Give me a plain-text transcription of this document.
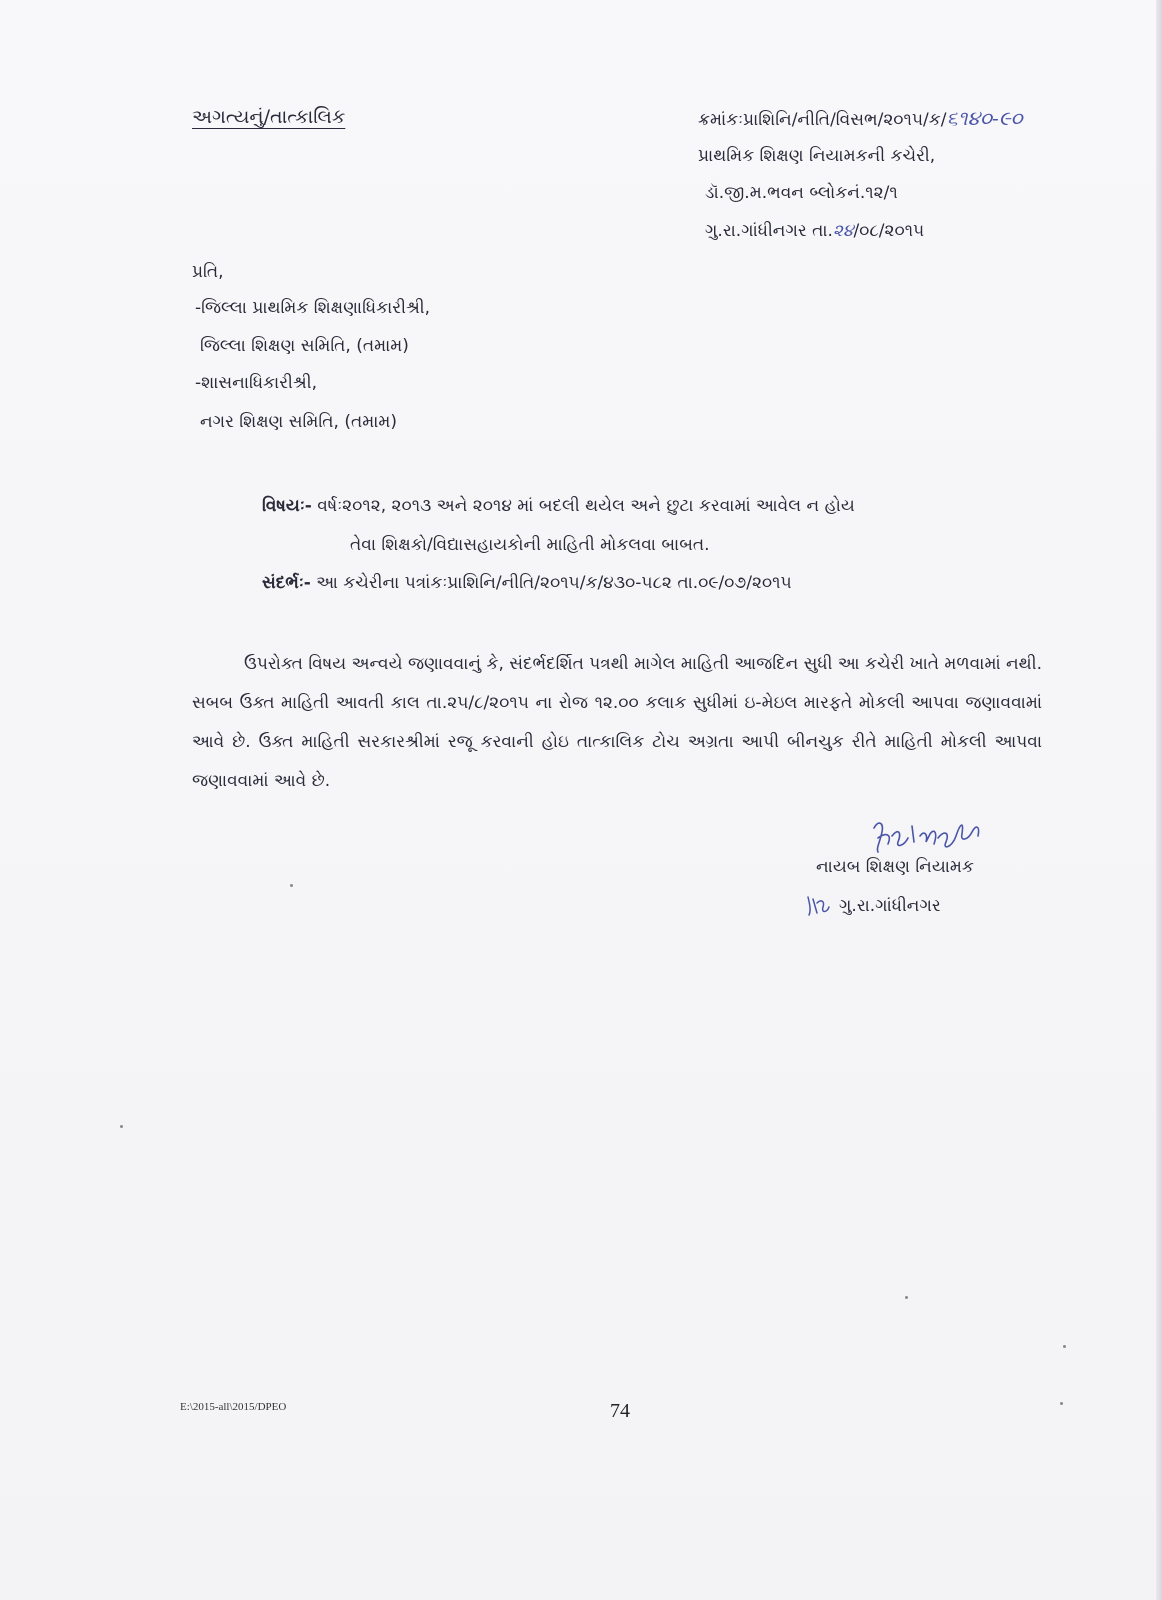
અગત્યનું/તાત્કાલિક	ક્રમાંકઃપ્રાશિનિ/નીતિ/વિસભ/૨૦૧૫/ક/૬૧૪૦-૯૦
પ્રાથમિક શિક્ષણ નિયામકની કચેરી,
ડૉ.જી.મ.ભવન બ્લોકનં.૧૨/૧
ગુ.રા.ગાંધીનગર તા.૨૪/૦૮/૨૦૧૫
પ્રતિ,
-જિલ્લા પ્રાથમિક શિક્ષણાધિકારીશ્રી,
જિલ્લા શિક્ષણ સમિતિ, (તમામ)
-શાસનાધિકારીશ્રી,
નગર શિક્ષણ સમિતિ, (તમામ)
વિષયઃ- વર્ષઃ૨૦૧૨, ૨૦૧૩ અને ૨૦૧૪ માં બદલી થયેલ અને છુટા કરવામાં આવેલ ન હોય
તેવા શિક્ષકો/વિદ્યાસહાયકોની માહિતી મોકલવા બાબત.
સંદર્ભઃ- આ કચેરીના પત્રાંકઃપ્રાશિનિ/નીતિ/૨૦૧૫/ક/૪૩૦-૫૮૨ તા.૦૯/૦૭/૨૦૧૫
ઉપરોક્ત વિષય અન્વયે જણાવવાનું કે, સંદર્ભદર્શિત પત્રથી માગેલ માહિતી આજદિન સુધી આ કચેરી ખાતે મળવામાં નથી. સબબ ઉક્ત માહિતી આવતી કાલ તા.૨૫/૮/૨૦૧૫ ના રોજ ૧૨.૦૦ કલાક સુધીમાં ઇ-મેઇલ મારફતે મોકલી આપવા જણાવવામાં આવે છે. ઉક્ત માહિતી સરકારશ્રીમાં રજૂ કરવાની હોઇ તાત્કાલિક ટોચ અગ્રતા આપી બીનચુક રીતે માહિતી મોકલી આપવા જણાવવામાં આવે છે.
નાયબ શિક્ષણ નિયામક
ગુ.રા.ગાંધીનગર
E:\2015-all\2015/DPEO	74
